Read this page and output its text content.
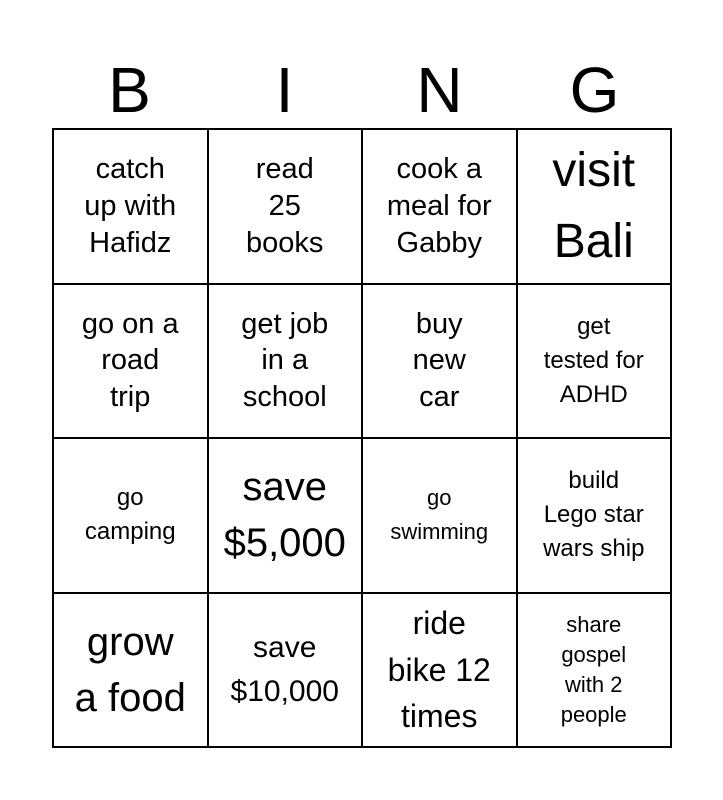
B	I	N	G
catch
up with
Hafidz
read
25
books
cook a
meal for
Gabby
visit
Bali
go on a
road
trip
get job
in a
school
buy
new
car
get
tested for
ADHD
go
camping
save
$5,000
go
swimming
build
Lego star
wars ship
grow
a food
save
$10,000
ride
bike 12
times
share
gospel
with 2
people
